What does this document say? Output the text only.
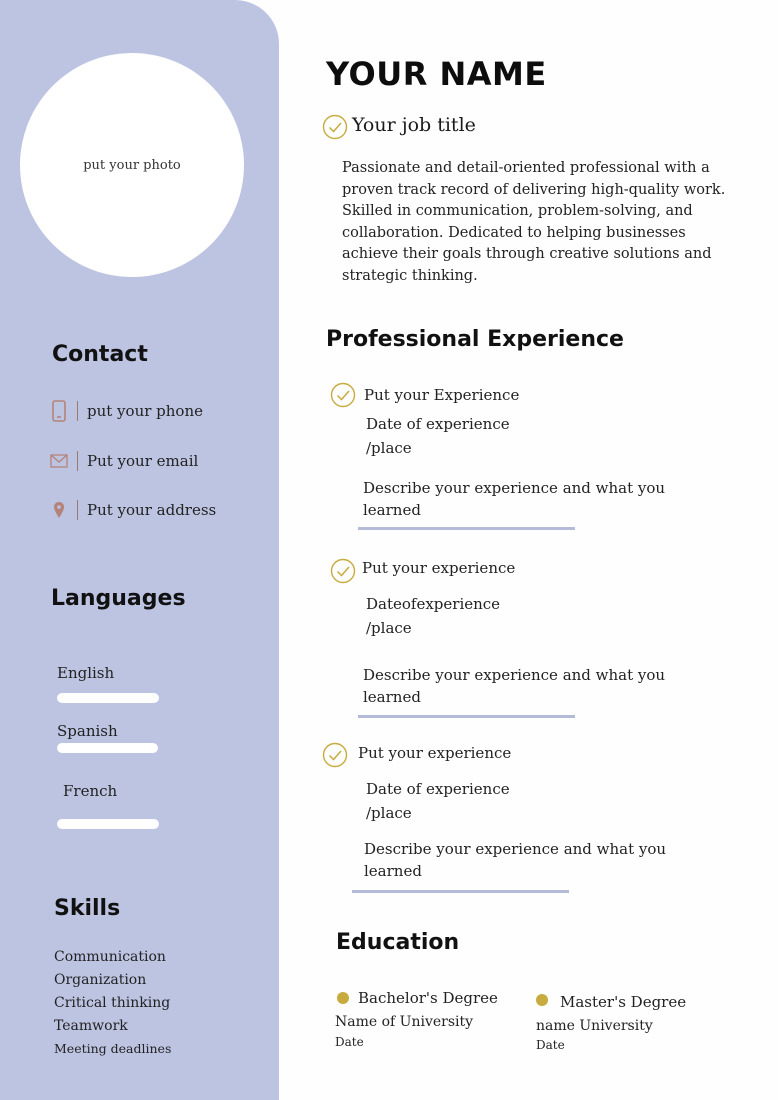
put your photo
Contact
put your phone
Put your email
Put your address
Languages
English
Spanish
French
Skills
Communication
Organization
Critical thinking
Teamwork
Meeting deadlines
YOUR NAME
Your job title
Passionate and detail-oriented professional with a proven track record of delivering high-quality work. Skilled in communication, problem-solving, and collaboration. Dedicated to helping businesses achieve their goals through creative solutions and strategic thinking.
Professional Experience
Put your Experience
Date of experience /place
Describe your experience and what you learned
Put your experience
Dateofexperience /place
Describe your experience and what you learned
Put your experience
Date of experience /place
Describe your experience and what you learned
Education
Bachelor's Degree
Name of University
Date
Master's Degree
name University
Date
